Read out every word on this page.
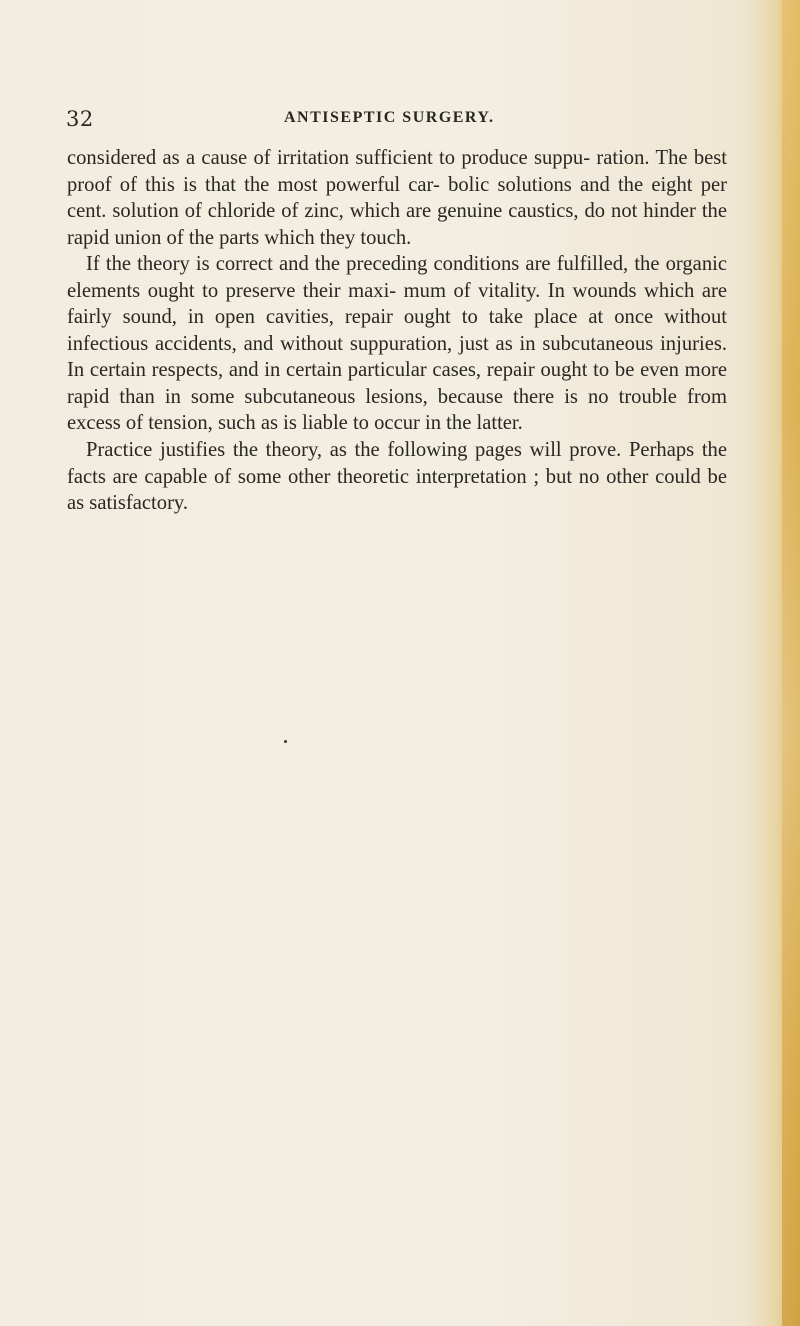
32	ANTISEPTIC SURGERY.

considered as a cause of irritation sufficient to produce suppu- ration. The best proof of this is that the most powerful car- bolic solutions and the eight per cent. solution of chloride of zinc, which are genuine caustics, do not hinder the rapid union of the parts which they touch.

If the theory is correct and the preceding conditions are fulfilled, the organic elements ought to preserve their maxi- mum of vitality. In wounds which are fairly sound, in open cavities, repair ought to take place at once without infectious accidents, and without suppuration, just as in subcutaneous injuries. In certain respects, and in certain particular cases, repair ought to be even more rapid than in some subcutaneous lesions, because there is no trouble from excess of tension, such as is liable to occur in the latter.

Practice justifies the theory, as the following pages will prove. Perhaps the facts are capable of some other theoretic interpretation ; but no other could be as satisfactory.
